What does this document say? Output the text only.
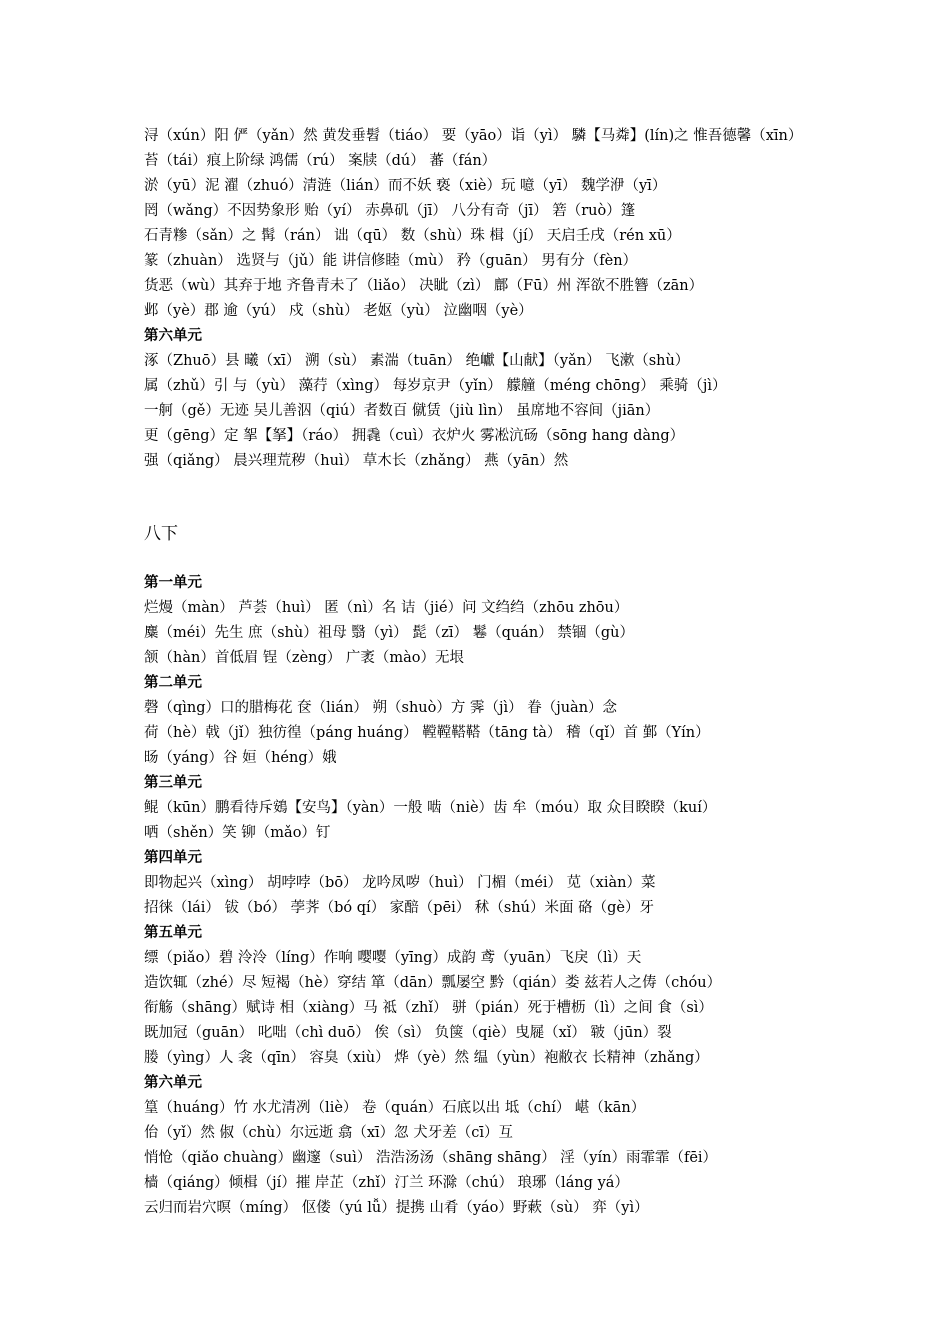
浔（xún）阳 俨（yǎn）然 黄发垂髫（tiáo） 要（yāo）诣（yì） 驎【马粦】(lín)之 惟吾德馨（xīn）
苔（tái）痕上阶绿 鸿儒（rú） 案牍（dú） 蕃（fán）
淤（yū）泥 濯（zhuó）清涟（lián）而不妖 亵（xiè）玩 噫（yī） 魏学洢（yī）
罔（wǎng）不因势象形 贻（yí） 赤鼻矶（jī） 八分有奇（jī） 箬（ruò）篷
石青糁（sǎn）之 髯（rán） 诎（qū） 数（shù）珠 楫（jí） 天启壬戌（rén xū）
篆（zhuàn） 选贤与（jǔ）能 讲信修睦（mù） 矜（guān） 男有分（fèn）
货恶（wù）其弃于地 齐鲁青未了（liǎo） 决眦（zì） 鄜（Fū）州 浑欲不胜簪（zān）
邺（yè）郡 逾（yú） 戍（shù） 老妪（yù） 泣幽咽（yè）
第六单元
涿（Zhuō）县 曦（xī） 溯（sù） 素湍（tuān） 绝巘【山献】（yǎn） 飞漱（shù）
属（zhǔ）引 与（yù） 藻荇（xìng） 每岁京尹（yǐn） 艨艟（méng chōng） 乘骑（jì）
一舸（gě）无迹 吴儿善泅（qiú）者数百 僦赁（jiù lìn） 虽席地不容间（jiān）
更（gēng）定 挐【拏】（ráo） 拥毳（cuì）衣炉火 雾凇沆砀（sōng hang dàng）
强（qiǎng） 晨兴理荒秽（huì） 草木长（zhǎng） 燕（yān）然
八下
第一单元
烂熳（màn） 芦荟（huì） 匿（nì）名 诘（jié）问 文绉绉（zhōu zhōu）
麋（méi）先生 庶（shù）祖母 翳（yì） 髭（zī） 鬈（quán） 禁锢（gù）
颔（hàn）首低眉 锃（zèng） 广袤（mào）无垠
第二单元
磬（qìng）口的腊梅花 奁（lián） 朔（shuò）方 霁（jì） 眷（juàn）念
荷（hè）戟（jǐ）独彷徨（páng huáng） 鞺鞺鞳鞳（tāng tà） 稽（qǐ）首 鄞（Yín）
旸（yáng）谷 姮（héng）娥
第三单元
鲲（kūn）鹏看待斥鴳【安鸟】（yàn）一般 啮（niè）齿 牟（móu）取 众目睽睽（kuí）
哂（shěn）笑 铆（mǎo）钉
第四单元
即物起兴（xìng） 胡哱哱（bō） 龙吟凤哕（huì） 门楣（méi） 苋（xiàn）菜
招徕（lái） 钹（bó） 荸荠（bó qí） 家醅（pēi） 秫（shú）米面 硌（gè）牙
第五单元
缥（piǎo）碧 泠泠（líng）作响 嘤嘤（yīng）成韵 鸢（yuān）飞戾（lì）天
造饮辄（zhé）尽 短褐（hè）穿结 箪（dān）瓢屡空 黔（qián）娄 兹若人之俦（chóu）
衔觞（shāng）赋诗 相（xiàng）马 祗（zhǐ） 骈（pián）死于槽枥（lì）之间 食（sì）
既加冠（guān） 叱咄（chì duō） 俟（sì） 负箧（qiè）曳屣（xǐ） 皲（jūn）裂
媵（yìng）人 衾（qīn） 容臭（xiù） 烨（yè）然 缊（yùn）袍敝衣 长精神（zhǎng）
第六单元
篁（huáng）竹 水尤清冽（liè） 卷（quán）石底以出 坻（chí） 嵁（kān）
佁（yǐ）然 俶（chù）尔远逝 翕（xī）忽 犬牙差（cī）互
悄怆（qiǎo chuàng）幽邃（suì） 浩浩汤汤（shāng shāng） 淫（yín）雨霏霏（fēi）
樯（qiáng）倾楫（jí）摧 岸芷（zhǐ）汀兰 环滁（chú） 琅琊（láng yá）
云归而岩穴暝（míng） 伛偻（yú lǚ）提携 山肴（yáo）野蔌（sù） 弈（yì）
